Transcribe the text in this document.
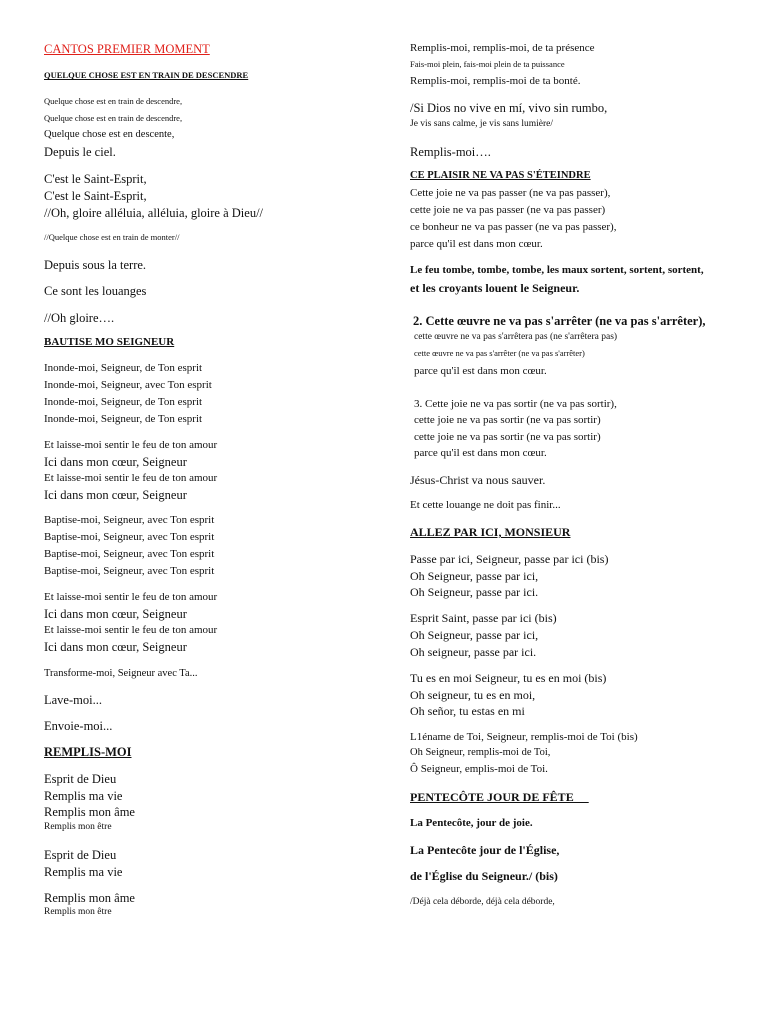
CANTOS PREMIER MOMENT

QUELQUE CHOSE EST EN TRAIN DE DESCENDRE

Quelque chose est en train de descendre,

Quelque chose est en train de descendre,

Quelque chose est en descente,

Depuis le ciel.

C'est le Saint-Esprit,

C'est le Saint-Esprit,

//Oh, gloire alléluia, alléluia, gloire à Dieu//

//Quelque chose est en train de monter//

Depuis sous la terre.

Ce sont les louanges

//Oh gloire….

BAUTISE MO SEIGNEUR

Inonde-moi, Seigneur, de Ton esprit

Inonde-moi, Seigneur, avec Ton esprit

Inonde-moi, Seigneur, de Ton esprit

Inonde-moi, Seigneur, de Ton esprit

Et laisse-moi sentir le feu de ton amour

Ici dans mon cœur, Seigneur

Et laisse-moi sentir le feu de ton amour

Ici dans mon cœur, Seigneur

Baptise-moi, Seigneur, avec Ton esprit

Baptise-moi, Seigneur, avec Ton esprit

Baptise-moi, Seigneur, avec Ton esprit

Baptise-moi, Seigneur, avec Ton esprit

Et laisse-moi sentir le feu de ton amour

Ici dans mon cœur, Seigneur

Et laisse-moi sentir le feu de ton amour

Ici dans mon cœur, Seigneur

Transforme-moi, Seigneur avec Ta...

Lave-moi...

Envoie-moi...

REMPLIS-MOI

Esprit de Dieu

Remplis ma vie

Remplis mon âme

Remplis mon être

Esprit de Dieu

Remplis ma vie

Remplis mon âme

Remplis mon être

Remplis-moi, remplis-moi, de ta présence

Fais-moi plein, fais-moi plein de ta puissance

Remplis-moi, remplis-moi de ta bonté.

/Si Dios no vive en mí, vivo sin rumbo,

Je vis sans calme, je vis sans lumière/

Remplis-moi….

CE PLAISIR NE VA PAS S'ÉTEINDRE

Cette joie ne va pas passer (ne va pas passer),

cette joie ne va pas passer (ne va pas passer)

ce bonheur ne va pas passer (ne va pas passer),

parce qu'il est dans mon cœur.

Le feu tombe, tombe, tombe, les maux sortent, sortent, sortent,

et les croyants louent le Seigneur.

2. Cette œuvre ne va pas s'arrêter (ne va pas s'arrêter),

cette œuvre ne va pas s'arrêtera pas (ne s'arrêtera pas)

cette œuvre ne va pas s'arrêter (ne va pas s'arrêter)

parce qu'il est dans mon cœur.

3. Cette joie ne va pas sortir (ne va pas sortir),

cette joie ne va pas sortir (ne va pas sortir)

cette joie ne va pas sortir (ne va pas sortir)

parce qu'il est dans mon cœur.

Jésus-Christ va nous sauver.

Et cette louange ne doit pas finir...

ALLEZ PAR ICI, MONSIEUR

Passe par ici, Seigneur, passe par ici (bis)

Oh Seigneur, passe par ici,

Oh Seigneur, passe par ici.

Esprit Saint, passe par ici (bis)

Oh Seigneur, passe par ici,

Oh seigneur, passe par ici.

Tu es en moi Seigneur, tu es en moi (bis)

Oh seigneur, tu es en moi,

Oh señor, tu estas en mi

L1éname de Toi, Seigneur, remplis-moi de Toi (bis)

Oh Seigneur, remplis-moi de Toi,

Ô Seigneur, emplis-moi de Toi.

PENTECÔTE JOUR DE FÊTE

La Pentecôte, jour de joie.

La Pentecôte jour de l'Église,

de l'Église du Seigneur./ (bis)

/Déjà cela déborde, déjà cela déborde,
